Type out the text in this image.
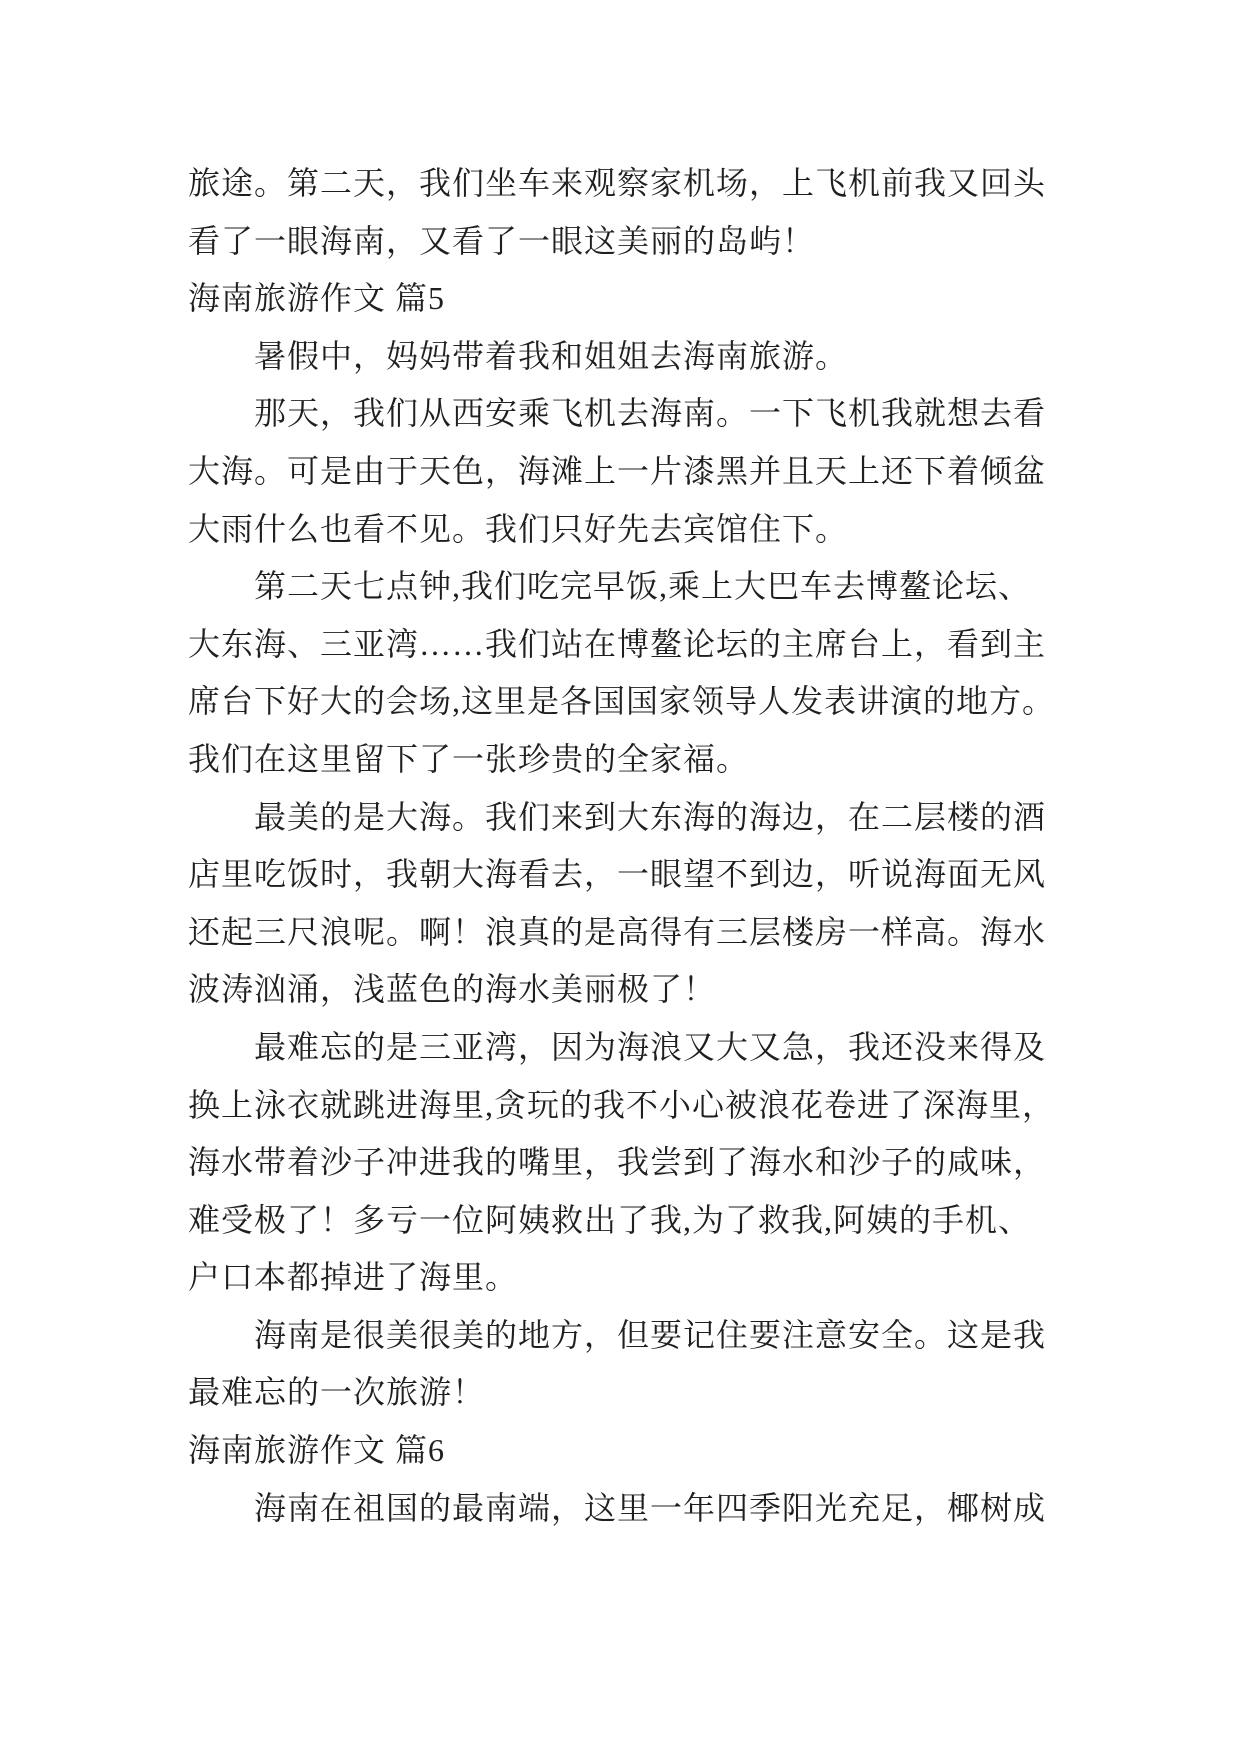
旅途。第二天，我们坐车来观察家机场，上飞机前我又回头
看了一眼海南，又看了一眼这美丽的岛屿！
海南旅游作文 篇5
暑假中，妈妈带着我和姐姐去海南旅游。
那天，我们从西安乘飞机去海南。一下飞机我就想去看
大海。可是由于天色，海滩上一片漆黑并且天上还下着倾盆
大雨什么也看不见。我们只好先去宾馆住下。
第二天七点钟,我们吃完早饭,乘上大巴车去博鳌论坛、
大东海、三亚湾……我们站在博鳌论坛的主席台上，看到主
席台下好大的会场,这里是各国国家领导人发表讲演的地方。
我们在这里留下了一张珍贵的全家福。
最美的是大海。我们来到大东海的海边，在二层楼的酒
店里吃饭时，我朝大海看去，一眼望不到边，听说海面无风
还起三尺浪呢。啊！浪真的是高得有三层楼房一样高。海水
波涛汹涌，浅蓝色的海水美丽极了！
最难忘的是三亚湾，因为海浪又大又急，我还没来得及
换上泳衣就跳进海里,贪玩的我不小心被浪花卷进了深海里，
海水带着沙子冲进我的嘴里，我尝到了海水和沙子的咸味，
难受极了！多亏一位阿姨救出了我,为了救我,阿姨的手机、
户口本都掉进了海里。
海南是很美很美的地方，但要记住要注意安全。这是我
最难忘的一次旅游！
海南旅游作文 篇6
海南在祖国的最南端，这里一年四季阳光充足，椰树成
